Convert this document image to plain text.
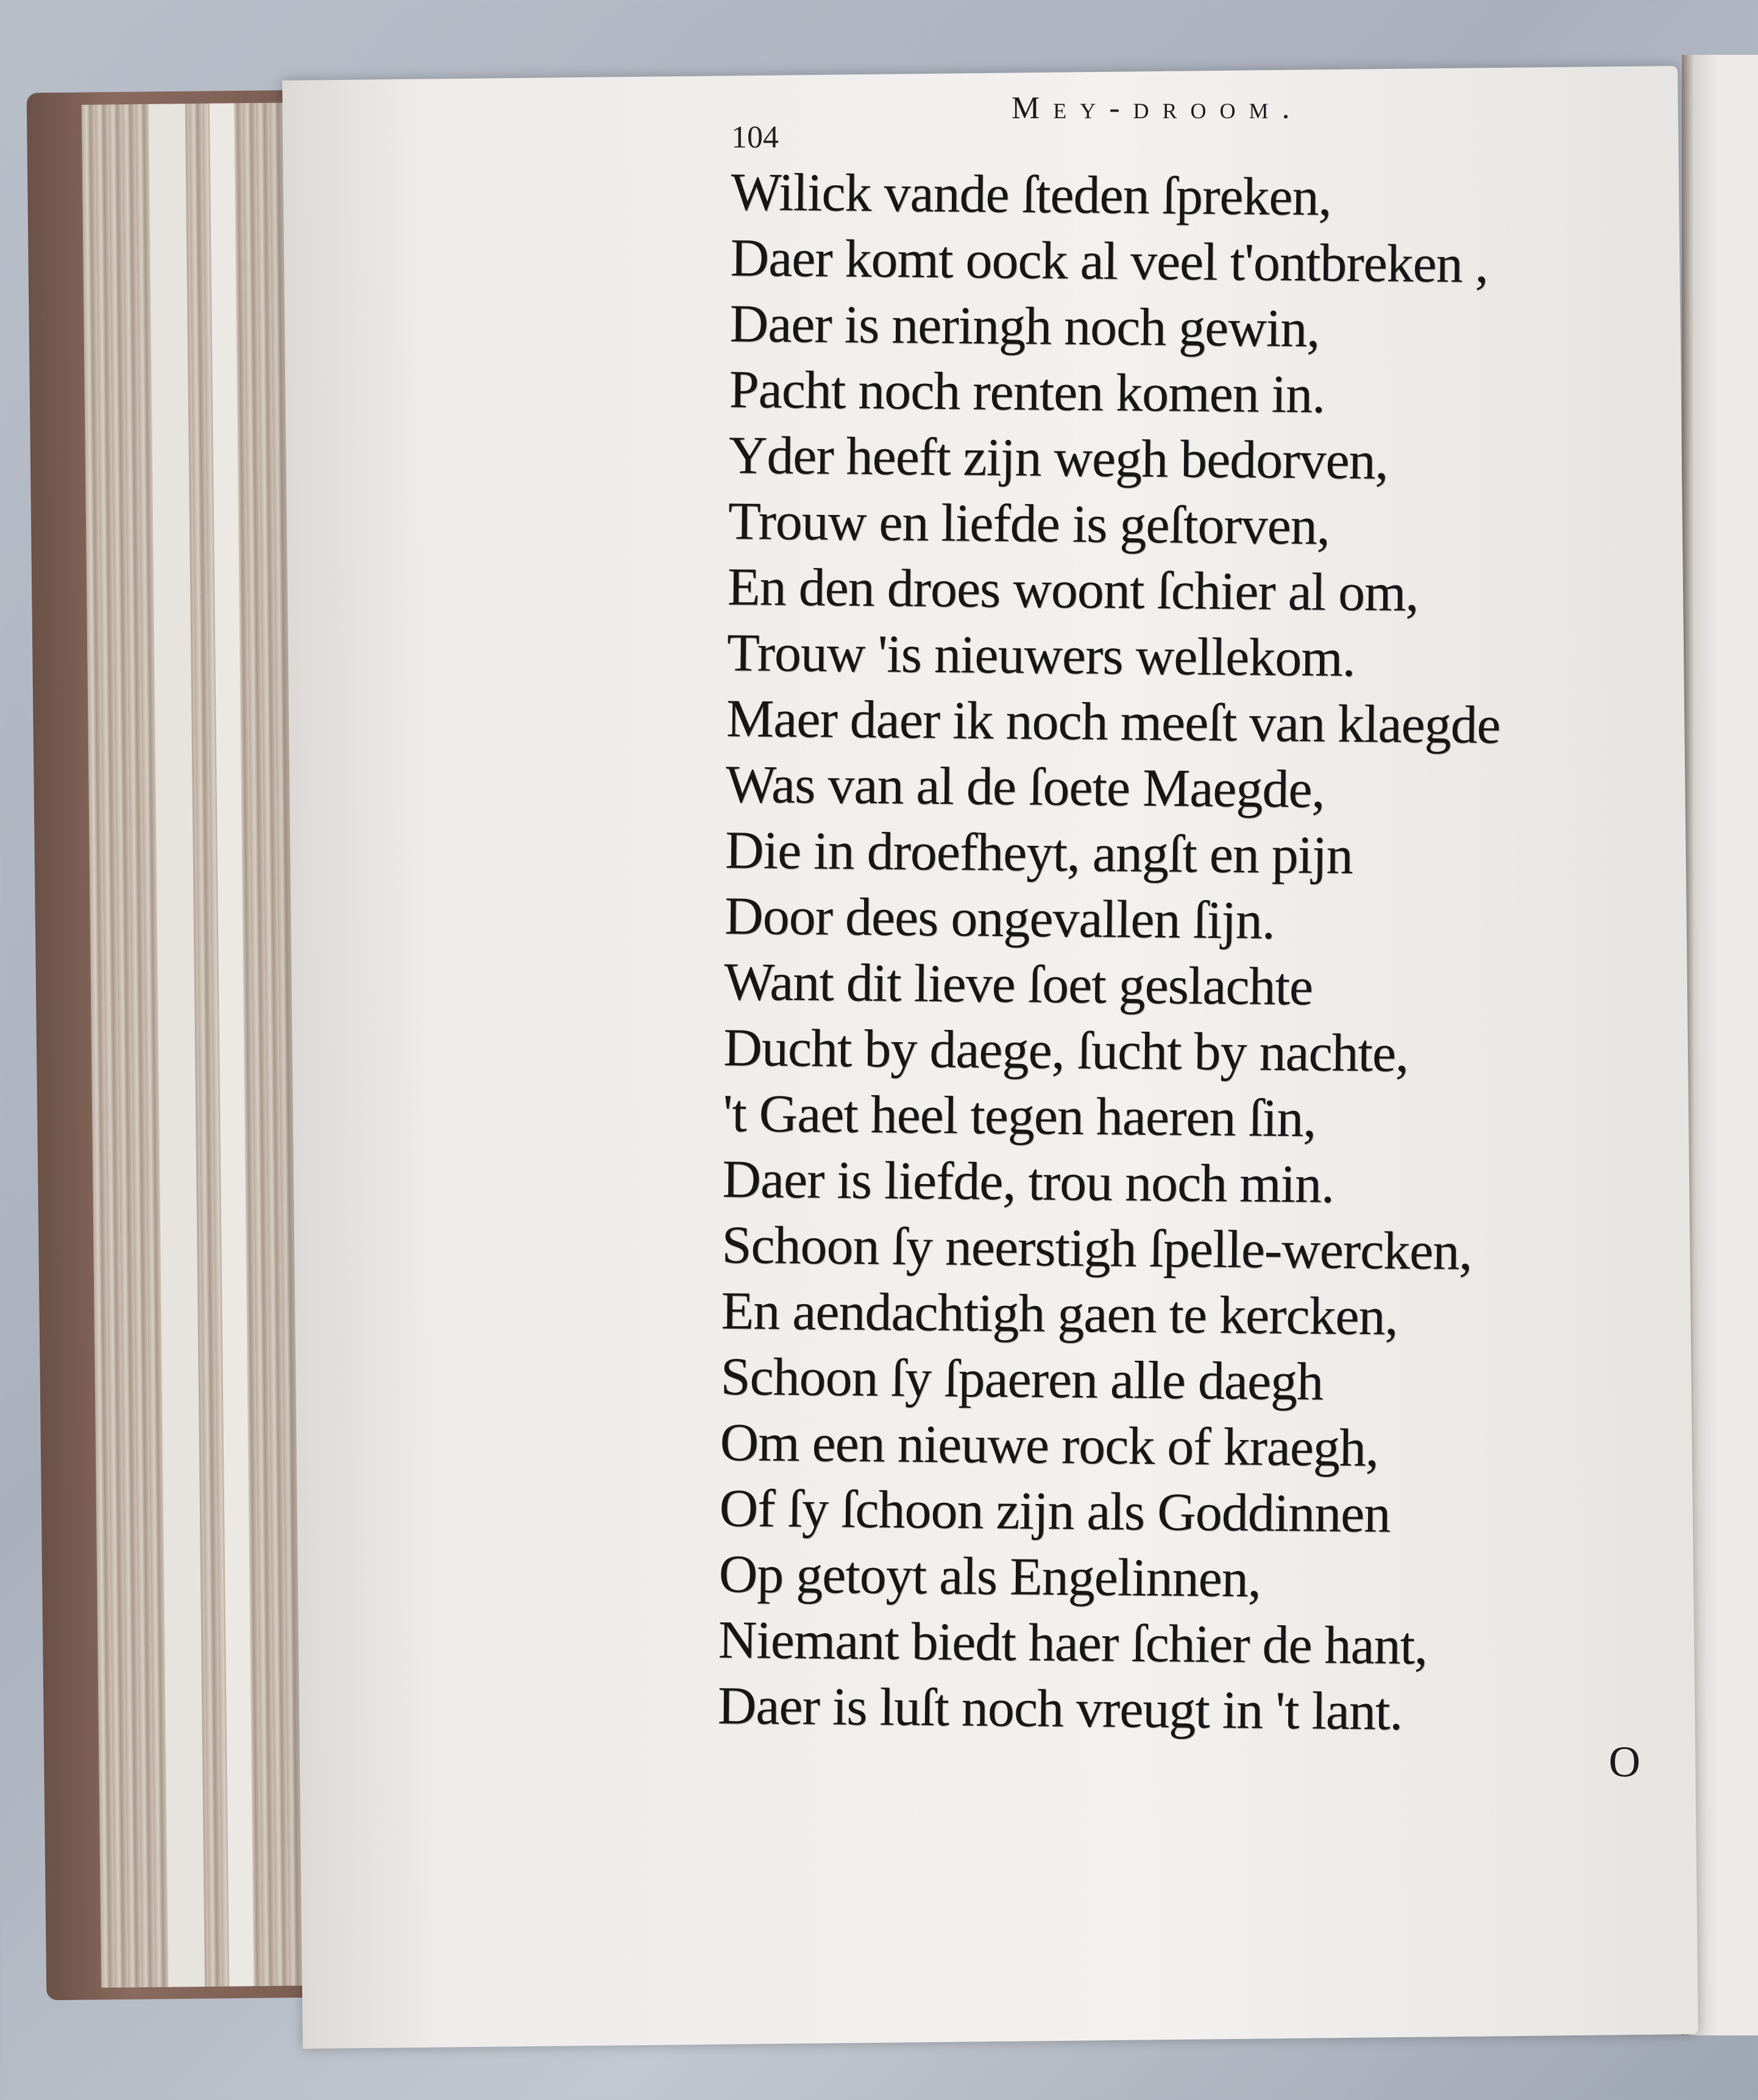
Mey-droom.
104
Wilick vande ſteden ſpreken,
Daer komt oock al veel t'ontbreken ,
Daer is neringh noch gewin,
Pacht noch renten komen in.
Yder heeft zijn wegh bedorven,
Trouw en liefde is geſtorven,
En den droes woont ſchier al om,
Trouw 'is nieuwers wellekom.
Maer daer ik noch meeſt van klaegde
Was van al de ſoete Maegde,
Die in droefheyt, angſt en pijn
Door dees ongevallen ſijn.
Want dit lieve ſoet geslachte
Ducht by daege, ſucht by nachte,
't Gaet heel tegen haeren ſin,
Daer is liefde, trou noch min.
Schoon ſy neerstigh ſpelle-wercken,
En aendachtigh gaen te kercken,
Schoon ſy ſpaeren alle daegh
Om een nieuwe rock of kraegh,
Of ſy ſchoon zijn als Goddinnen
Op getoyt als Engelinnen,
Niemant biedt haer ſchier de hant,
Daer is luſt noch vreugt in 't lant.
O
